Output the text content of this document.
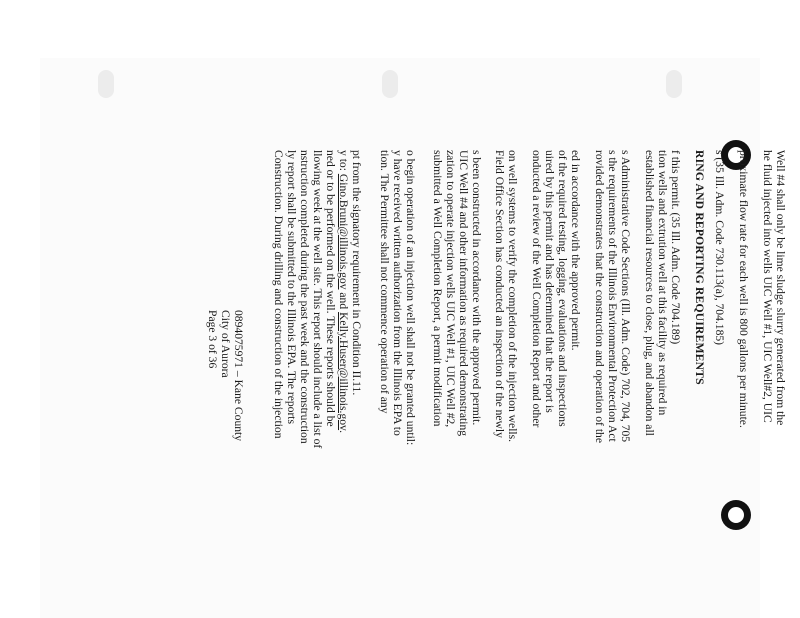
0894075971 – Kane County
City of Aurora
Page 3 of 36	Construction. During drilling and construction of the injection ly report shall be submitted to the Illinois EPA. The reports nstruction completed during the past week and the construction llowing week at the well site. This report should include a list of ned or to be performed on the well. These reports should be y to: Gino.Bruni@illinois.gov and Kelly.Huser@illinois.gov.
pt from the signatory requirement in Condition II.11. tion. The Permittee shall not commence operation of any y have received written authorization from the Illinois EPA to o begin operation of an injection well shall not be granted until: submitted a Well Completion Report, a permit modification zation to operate injection wells UIC Well #1, UIC Well #2, UIC Well #4 and other information as required demonstrating s been constructed in accordance with the approved permit. Field Office Section has conducted an inspection of the newly on well systems to verify the completion of the injection wells. onducted a review of the Well Completion Report and other uired by this permit and has determined that the report is of the required testing, logging, evaluations and inspections ed in accordance with the approved permit. rovided demonstrates that the construction and operation of the s the requirements of the Illinois Environmental Protection Act s Administrative Code Sections (Ill. Adm. Code) 702, 704, 705 established financial resources to close, plug, and abandon all tion wells and extrution well at this facility as required in f this permit. (35 Ill. Adm. Code 704.189) RING AND REPORTING REQUIREMENTS s (35 Ill. Adm. Code 730.113(a), 704.185) proximate flow rate for each well is 800 gallons per minute. he fluid injected into wells UIC Well #1, UIC Well#2, UIC Well #4 shall only be lime sludge slurry generated from the
